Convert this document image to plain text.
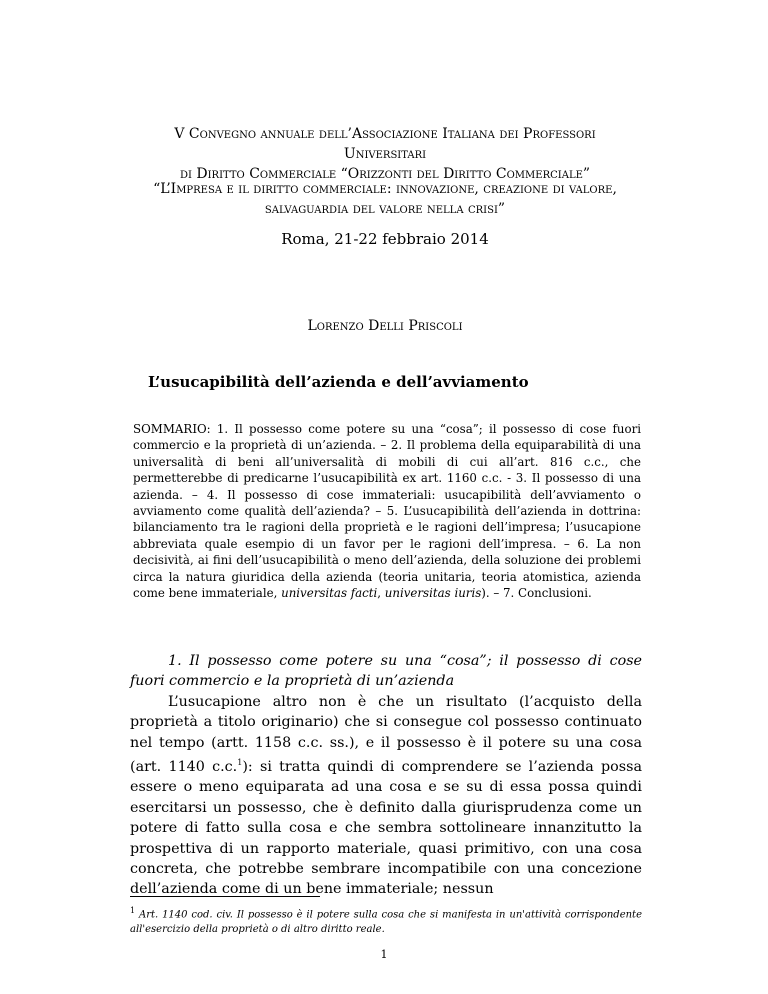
V Convegno annuale dell’Associazione Italiana dei Professori
Universitari
di Diritto Commerciale “Orizzonti del Diritto Commerciale”
“L’Impresa e il diritto commerciale: innovazione, creazione di valore,
salvaguardia del valore nella crisi”
Roma, 21-22 febbraio 2014
Lorenzo Delli Priscoli
L’usucapibilità dell’azienda e dell’avviamento
SOMMARIO: 1. Il possesso come potere su una “cosa”; il possesso di cose fuori commercio e la proprietà di un’azienda. – 2. Il problema della equiparabilità di una universalità di beni all’universalità di mobili di cui all’art. 816 c.c., che permetterebbe di predicarne l’usucapibilità ex art. 1160 c.c. - 3. Il possesso di una azienda. – 4. Il possesso di cose immateriali: usucapibilità dell’avviamento o avviamento come qualità dell’azienda? – 5. L’usucapibilità dell’azienda in dottrina: bilanciamento tra le ragioni della proprietà e le ragioni dell’impresa; l’usucapione abbreviata quale esempio di un favor per le ragioni dell’impresa. – 6. La non decisività, ai fini dell’usucapibilità o meno dell’azienda, della soluzione dei problemi circa la natura giuridica della azienda (teoria unitaria, teoria atomistica, azienda come bene immateriale, universitas facti, universitas iuris). – 7. Conclusioni.
1. Il possesso come potere su una “cosa”; il possesso di cose fuori commercio e la proprietà di un’azienda
L’usucapione altro non è che un risultato (l’acquisto della proprietà a titolo originario) che si consegue col possesso continuato nel tempo (artt. 1158 c.c. ss.), e il possesso è il potere su una cosa (art. 1140 c.c.$^1$): si tratta quindi di comprendere se l’azienda possa essere o meno equiparata ad una cosa e se su di essa possa quindi esercitarsi un possesso, che è definito dalla giurisprudenza come un potere di fatto sulla cosa e che sembra sottolineare innanzitutto la prospettiva di un rapporto materiale, quasi primitivo, con una cosa concreta, che potrebbe sembrare incompatibile con una concezione dell’azienda come di un bene immateriale; nessun
$^1$ Art. 1140 cod. civ. Il possesso è il potere sulla cosa che si manifesta in un'attività corrispondente all'esercizio della proprietà o di altro diritto reale.
1
